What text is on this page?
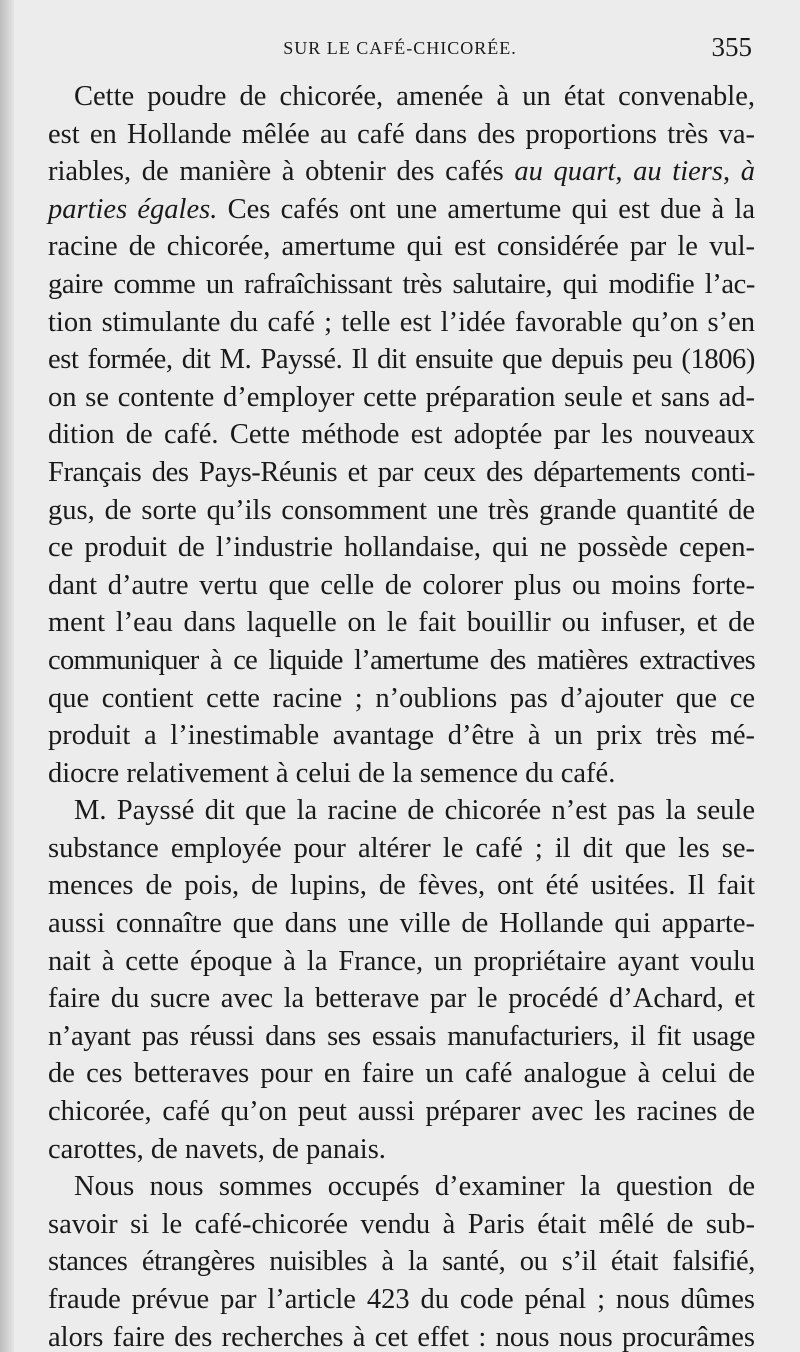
SUR LE CAFÉ-CHICORÉE.	355
Cette poudre de chicorée, amenée à un état convenable,
est en Hollande mêlée au café dans des proportions très va-
riables, de manière à obtenir des cafés au quart, au tiers, à
parties égales. Ces cafés ont une amertume qui est due à la
racine de chicorée, amertume qui est considérée par le vul-
gaire comme un rafraîchissant très salutaire, qui modifie l’ac-
tion stimulante du café ; telle est l’idée favorable qu’on s’en
est formée, dit M. Payssé. Il dit ensuite que depuis peu (1806)
on se contente d’employer cette préparation seule et sans ad-
dition de café. Cette méthode est adoptée par les nouveaux
Français des Pays-Réunis et par ceux des départements conti-
gus, de sorte qu’ils consomment une très grande quantité de
ce produit de l’industrie hollandaise, qui ne possède cepen-
dant d’autre vertu que celle de colorer plus ou moins forte-
ment l’eau dans laquelle on le fait bouillir ou infuser, et de
communiquer à ce liquide l’amertume des matières extractives
que contient cette racine ; n’oublions pas d’ajouter que ce
produit a l’inestimable avantage d’être à un prix très mé-
diocre relativement à celui de la semence du café.
M. Payssé dit que la racine de chicorée n’est pas la seule
substance employée pour altérer le café ; il dit que les se-
mences de pois, de lupins, de fèves, ont été usitées. Il fait
aussi connaître que dans une ville de Hollande qui apparte-
nait à cette époque à la France, un propriétaire ayant voulu
faire du sucre avec la betterave par le procédé d’Achard, et
n’ayant pas réussi dans ses essais manufacturiers, il fit usage
de ces betteraves pour en faire un café analogue à celui de
chicorée, café qu’on peut aussi préparer avec les racines de
carottes, de navets, de panais.
Nous nous sommes occupés d’examiner la question de
savoir si le café-chicorée vendu à Paris était mêlé de sub-
stances étrangères nuisibles à la santé, ou s’il était falsifié,
fraude prévue par l’article 423 du code pénal ; nous dûmes
alors faire des recherches à cet effet : nous nous procurâmes
